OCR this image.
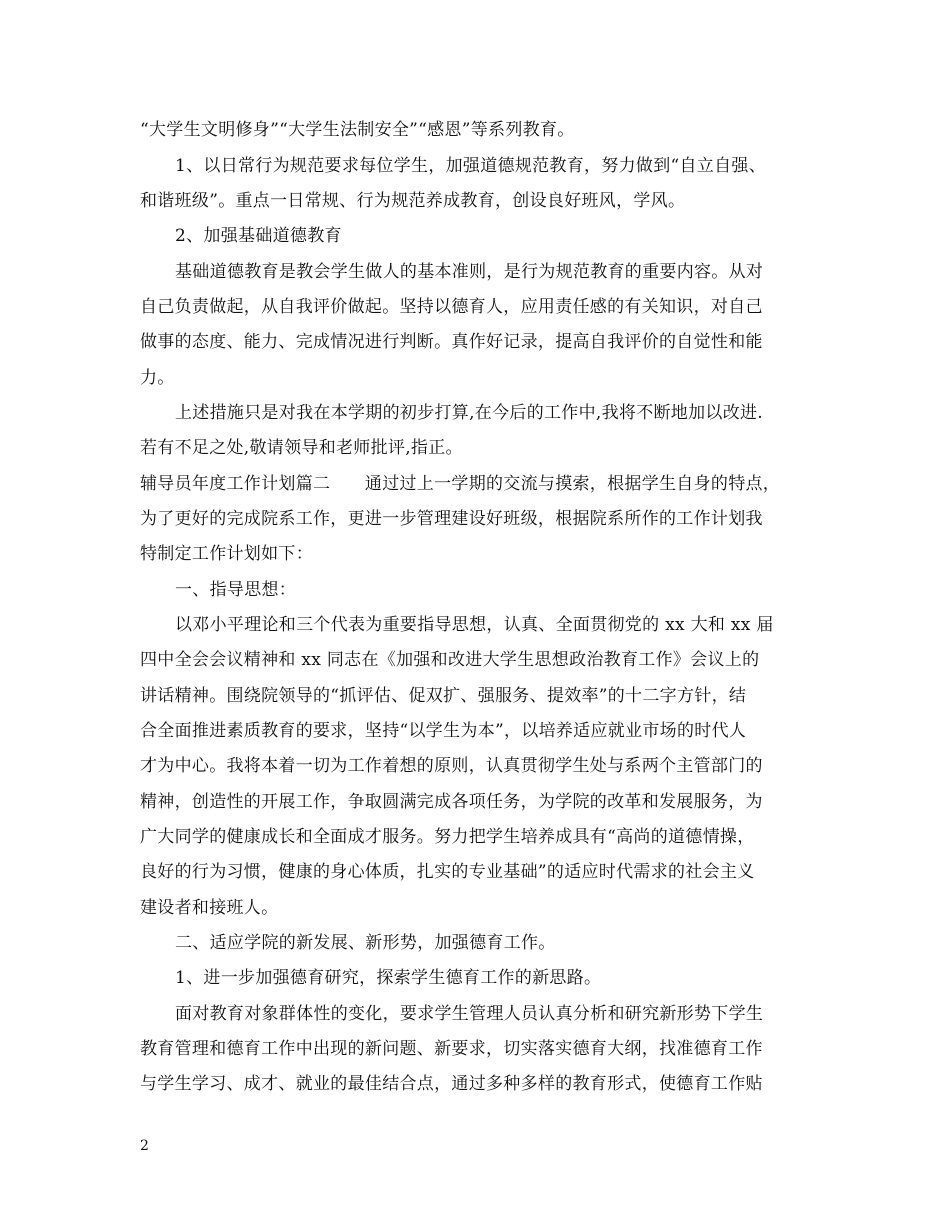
“大学生文明修身”“大学生法制安全”“感恩”等系列教育。
1、以日常行为规范要求每位学生，加强道德规范教育，努力做到“自立自强、
和谐班级”。重点一日常规、行为规范养成教育，创设良好班风，学风。
2、加强基础道德教育
基础道德教育是教会学生做人的基本准则，是行为规范教育的重要内容。从对
自己负责做起，从自我评价做起。坚持以德育人，应用责任感的有关知识，对自己
做事的态度、能力、完成情况进行判断。真作好记录，提高自我评价的自觉性和能
力。
上述措施只是对我在本学期的初步打算,在今后的工作中,我将不断地加以改进.
若有不足之处,敬请领导和老师批评,指正。
辅导员年度工作计划篇二　　通过过上一学期的交流与摸索，根据学生自身的特点，
为了更好的完成院系工作，更进一步管理建设好班级，根据院系所作的工作计划我
特制定工作计划如下：
一、指导思想：
以邓小平理论和三个代表为重要指导思想，认真、全面贯彻党的 xx 大和 xx 届
四中全会会议精神和 xx 同志在《加强和改进大学生思想政治教育工作》会议上的
讲话精神。围绕院领导的“抓评估、促双扩、强服务、提效率”的十二字方针，结
合全面推进素质教育的要求，坚持“以学生为本”，以培养适应就业市场的时代人
才为中心。我将本着一切为工作着想的原则，认真贯彻学生处与系两个主管部门的
精神，创造性的开展工作，争取圆满完成各项任务，为学院的改革和发展服务，为
广大同学的健康成长和全面成才服务。努力把学生培养成具有“高尚的道德情操，
良好的行为习惯，健康的身心体质，扎实的专业基础”的适应时代需求的社会主义
建设者和接班人。
二、适应学院的新发展、新形势，加强德育工作。
1、进一步加强德育研究，探索学生德育工作的新思路。
面对教育对象群体性的变化，要求学生管理人员认真分析和研究新形势下学生
教育管理和德育工作中出现的新问题、新要求，切实落实德育大纲，找准德育工作
与学生学习、成才、就业的最佳结合点，通过多种多样的教育形式，使德育工作贴
2
